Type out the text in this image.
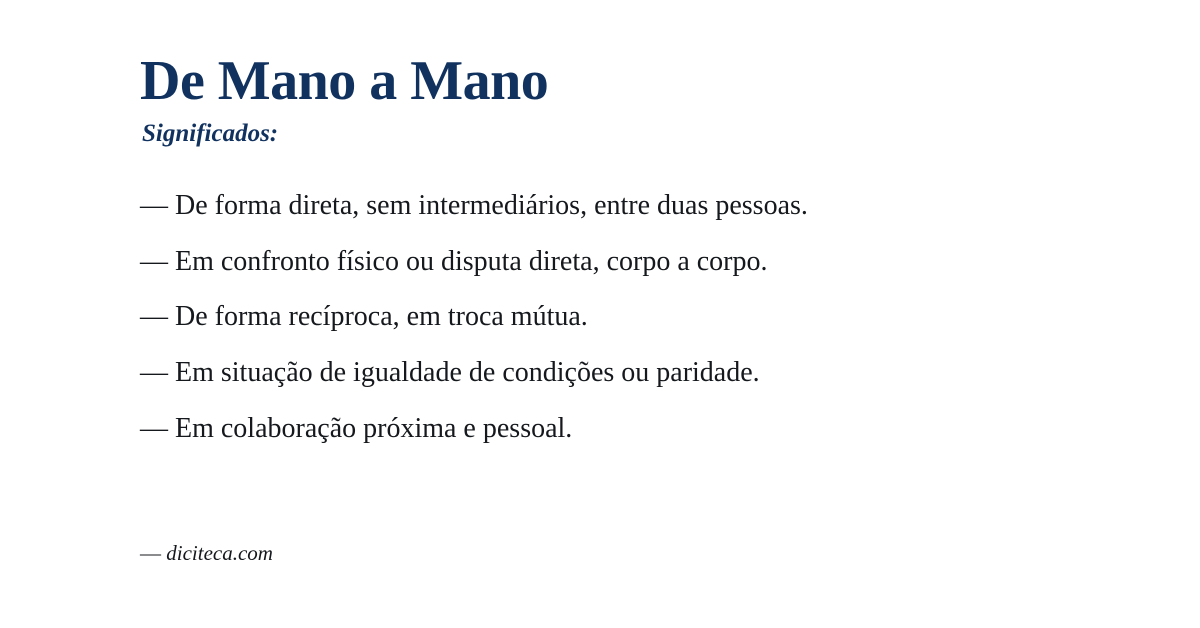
De Mano a Mano
Significados:
— De forma direta, sem intermediários, entre duas pessoas.
— Em confronto físico ou disputa direta, corpo a corpo.
— De forma recíproca, em troca mútua.
— Em situação de igualdade de condições ou paridade.
— Em colaboração próxima e pessoal.
— diciteca.com
